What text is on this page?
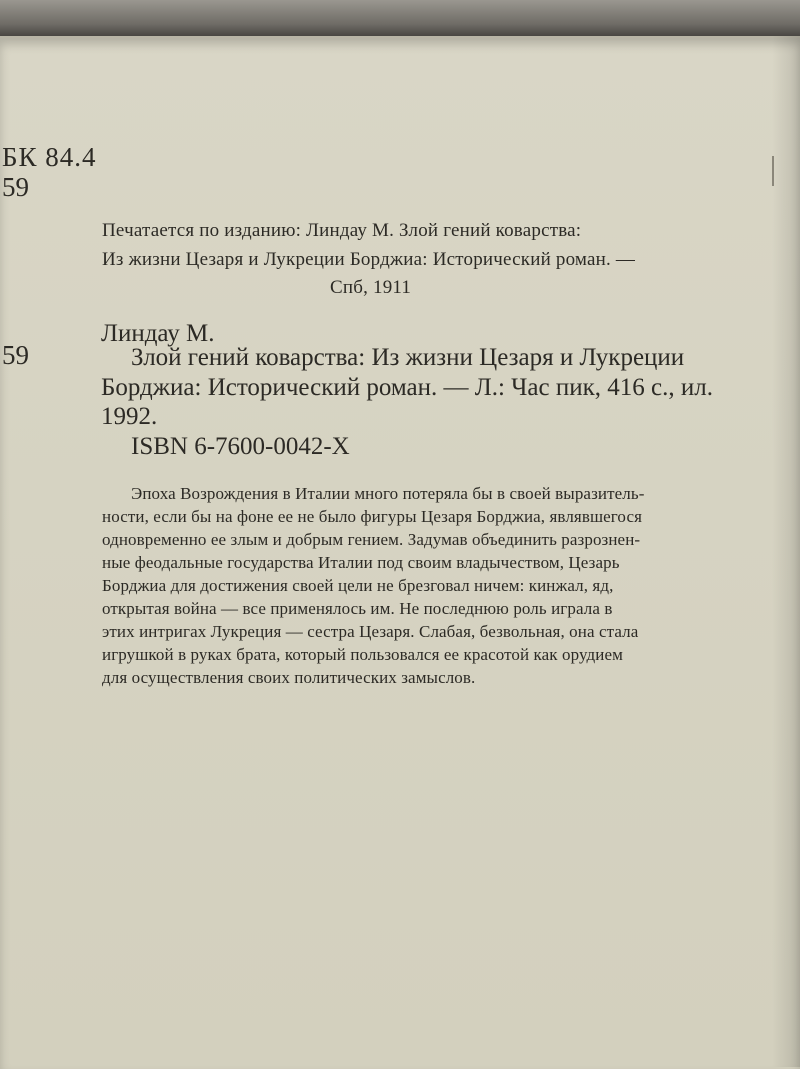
БК 84.4
59
Печатается по изданию: Линдау М. Злой гений коварства:
Из жизни Цезаря и Лукреции Борджиа: Исторический роман. —
Спб, 1911
Линдау М.
59	Злой гений коварства: Из жизни Цезаря и Лукреции
Борджиа: Исторический роман. — Л.: Час пик, 416 с., ил.
1992.
ISBN 6-7600-0042-X
Эпоха Возрождения в Италии много потеряла бы в своей выразитель-
ности, если бы на фоне ее не было фигуры Цезаря Борджиа, являвшегося
одновременно ее злым и добрым гением. Задумав объединить разрознен-
ные феодальные государства Италии под своим владычеством, Цезарь
Борджиа для достижения своей цели не брезговал ничем: кинжал, яд,
открытая война — все применялось им. Не последнюю роль играла в
этих интригах Лукреция — сестра Цезаря. Слабая, безвольная, она стала
игрушкой в руках брата, который пользовался ее красотой как орудием
для осуществления своих политических замыслов.
